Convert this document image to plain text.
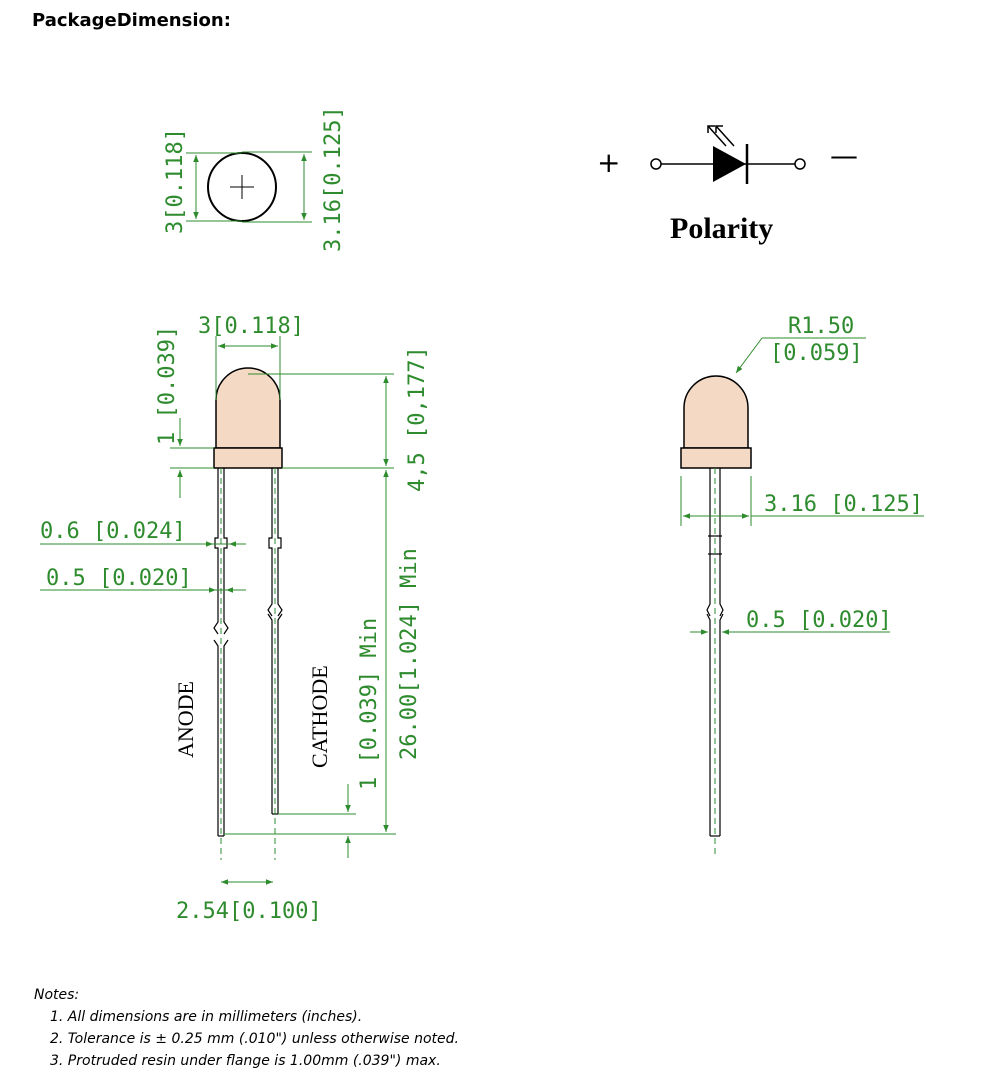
PackageDimension:
3[0.118]	3.16[0.125]	+	—
Polarity
3[0.118]
1 [0.039]	4,5 [0,177]
0.6 [0.024]
0.5 [0.020]	26.00[1.024] Min
1 [0.039] Min
ANODE	CATHODE
2.54[0.100]
R1.50
[0.059]
3.16 [0.125]
0.5 [0.020]
Notes:
1. All dimensions are in millimeters (inches).
2. Tolerance is ± 0.25 mm (.010") unless otherwise noted.
3. Protruded resin under flange is 1.00mm (.039") max.
